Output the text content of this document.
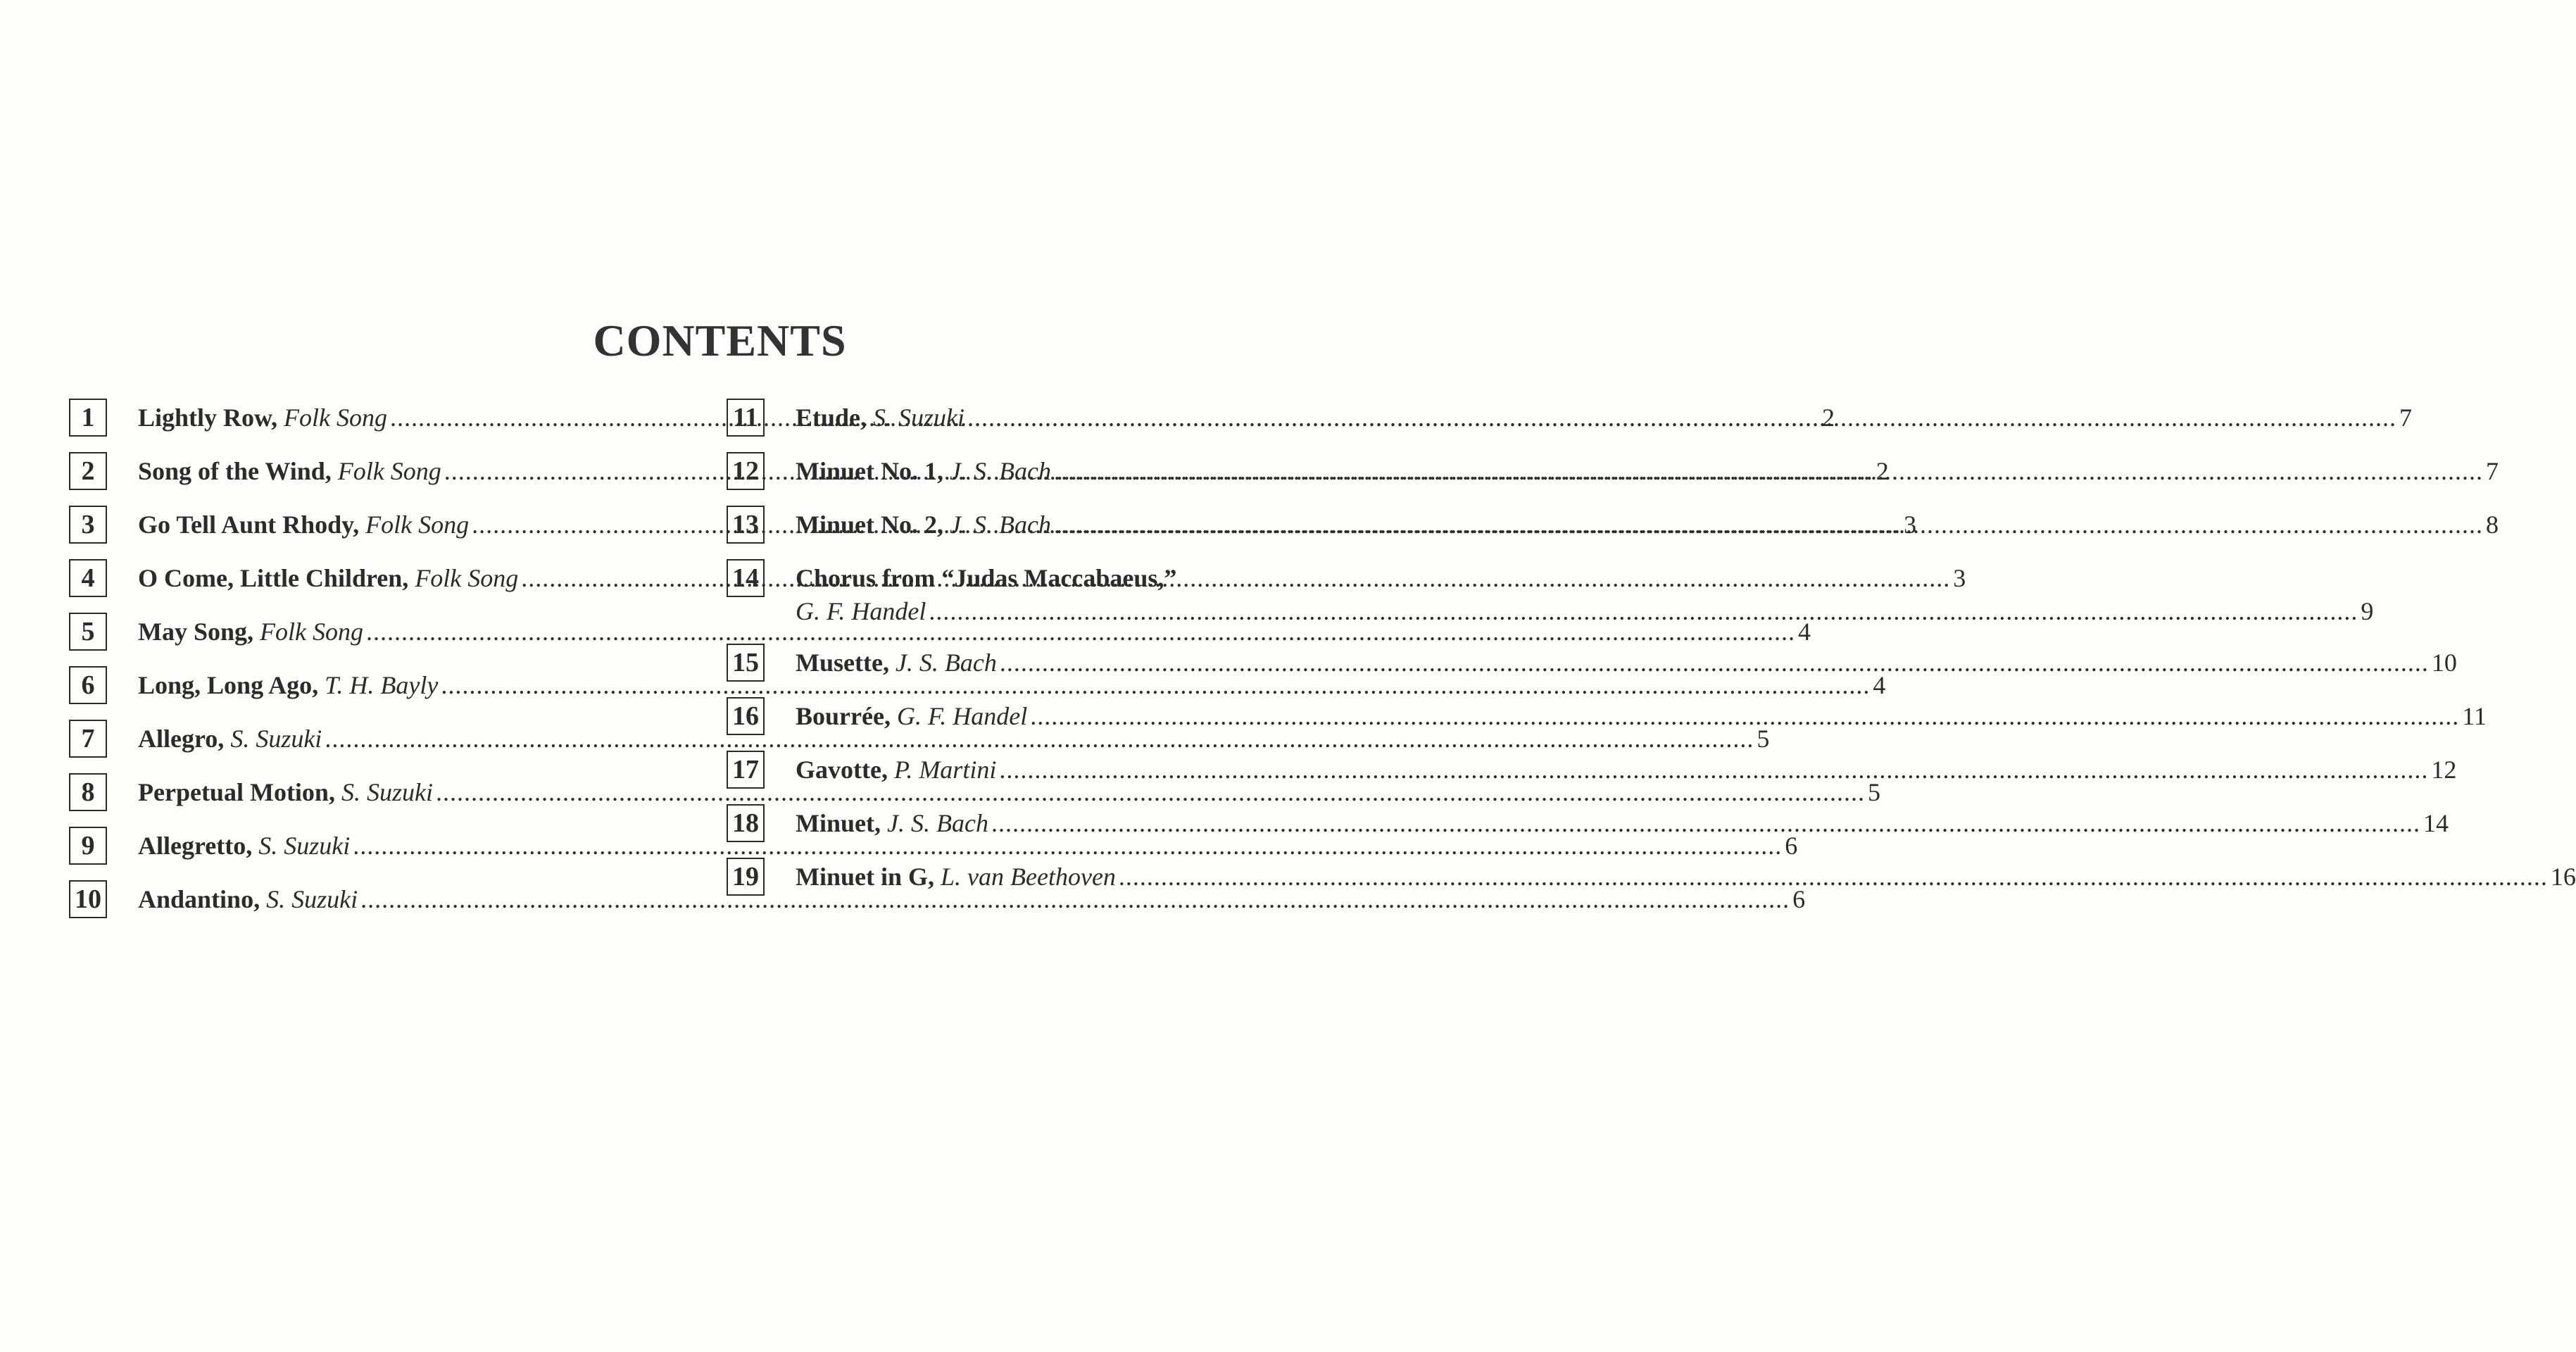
CONTENTS
1	Lightly Row,
Folk Song .....	2
2	Song of the Wind,
Folk Song .....	2
3	Go Tell Aunt Rhody,
Folk Song .....	3
4	O Come, Little Children,
Folk Song .....	3
5	May Song,
Folk Song .....	4
6	Long, Long Ago,
T. H. Bayly .....	4
7	Allegro,
S. Suzuki .....	5
8	Perpetual Motion,
S. Suzuki .....	5
9	Allegretto,
S. Suzuki .....	6
10 Andantino,
S. Suzuki .....	6
11 Etude,
S. Suzuki .....	7
12 Minuet No. 1,
J. S. Bach .....	7
13 Minuet No. 2,
J. S. Bach .....	8
14 Chorus from “Judas Maccabaeus,”
G. F. Handel .....	9
15 Musette,
J. S. Bach .....	10
16 Bourrée,
G. F. Handel .....	11
17 Gavotte,
P. Martini .....	12
18 Minuet,
J. S. Bach .....	14
19 Minuet in G,
L. van Beethoven .....	16
